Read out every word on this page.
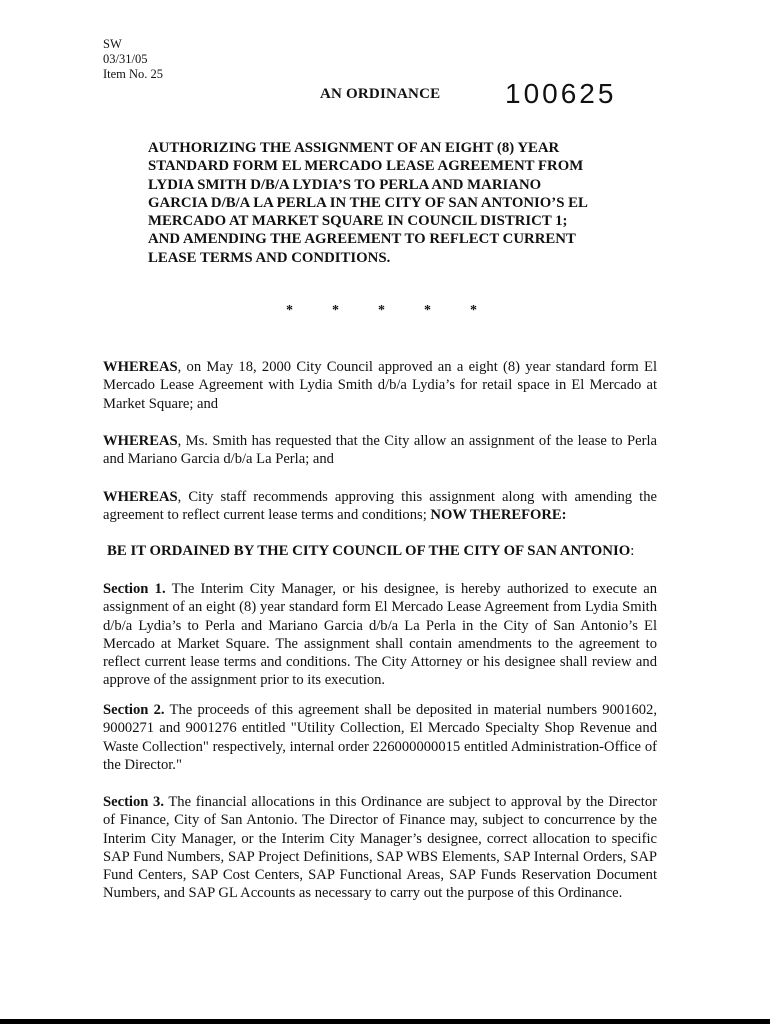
SW
03/31/05
Item No. 25
AN ORDINANCE 100625
AUTHORIZING THE ASSIGNMENT OF AN EIGHT (8) YEAR
STANDARD FORM EL MERCADO LEASE AGREEMENT FROM
LYDIA SMITH D/B/A LYDIA’S TO PERLA AND MARIANO
GARCIA D/B/A LA PERLA IN THE CITY OF SAN ANTONIO’S EL
MERCADO AT MARKET SQUARE IN COUNCIL DISTRICT 1;
AND AMENDING THE AGREEMENT TO REFLECT CURRENT
LEASE TERMS AND CONDITIONS.
*	*	*	*	*
WHEREAS, on May 18, 2000 City Council approved an a eight (8) year standard form El Mercado Lease Agreement with Lydia Smith d/b/a Lydia’s for retail space in El Mercado at Market Square; and
WHEREAS, Ms. Smith has requested that the City allow an assignment of the lease to Perla and Mariano Garcia d/b/a La Perla; and
WHEREAS, City staff recommends approving this assignment along with amending the agreement to reflect current lease terms and conditions; NOW THEREFORE:
BE IT ORDAINED BY THE CITY COUNCIL OF THE CITY OF SAN ANTONIO:
Section 1. The Interim City Manager, or his designee, is hereby authorized to execute an assignment of an eight (8) year standard form El Mercado Lease Agreement from Lydia Smith d/b/a Lydia’s to Perla and Mariano Garcia d/b/a La Perla in the City of San Antonio’s El Mercado at Market Square. The assignment shall contain amendments to the agreement to reflect current lease terms and conditions. The City Attorney or his designee shall review and approve of the assignment prior to its execution.
Section 2. The proceeds of this agreement shall be deposited in material numbers 9001602, 9000271 and 9001276 entitled "Utility Collection, El Mercado Specialty Shop Revenue and Waste Collection" respectively, internal order 226000000015 entitled Administration-Office of the Director."
Section 3. The financial allocations in this Ordinance are subject to approval by the Director of Finance, City of San Antonio. The Director of Finance may, subject to concurrence by the Interim City Manager, or the Interim City Manager’s designee, correct allocation to specific SAP Fund Numbers, SAP Project Definitions, SAP WBS Elements, SAP Internal Orders, SAP Fund Centers, SAP Cost Centers, SAP Functional Areas, SAP Funds Reservation Document Numbers, and SAP GL Accounts as necessary to carry out the purpose of this Ordinance.
